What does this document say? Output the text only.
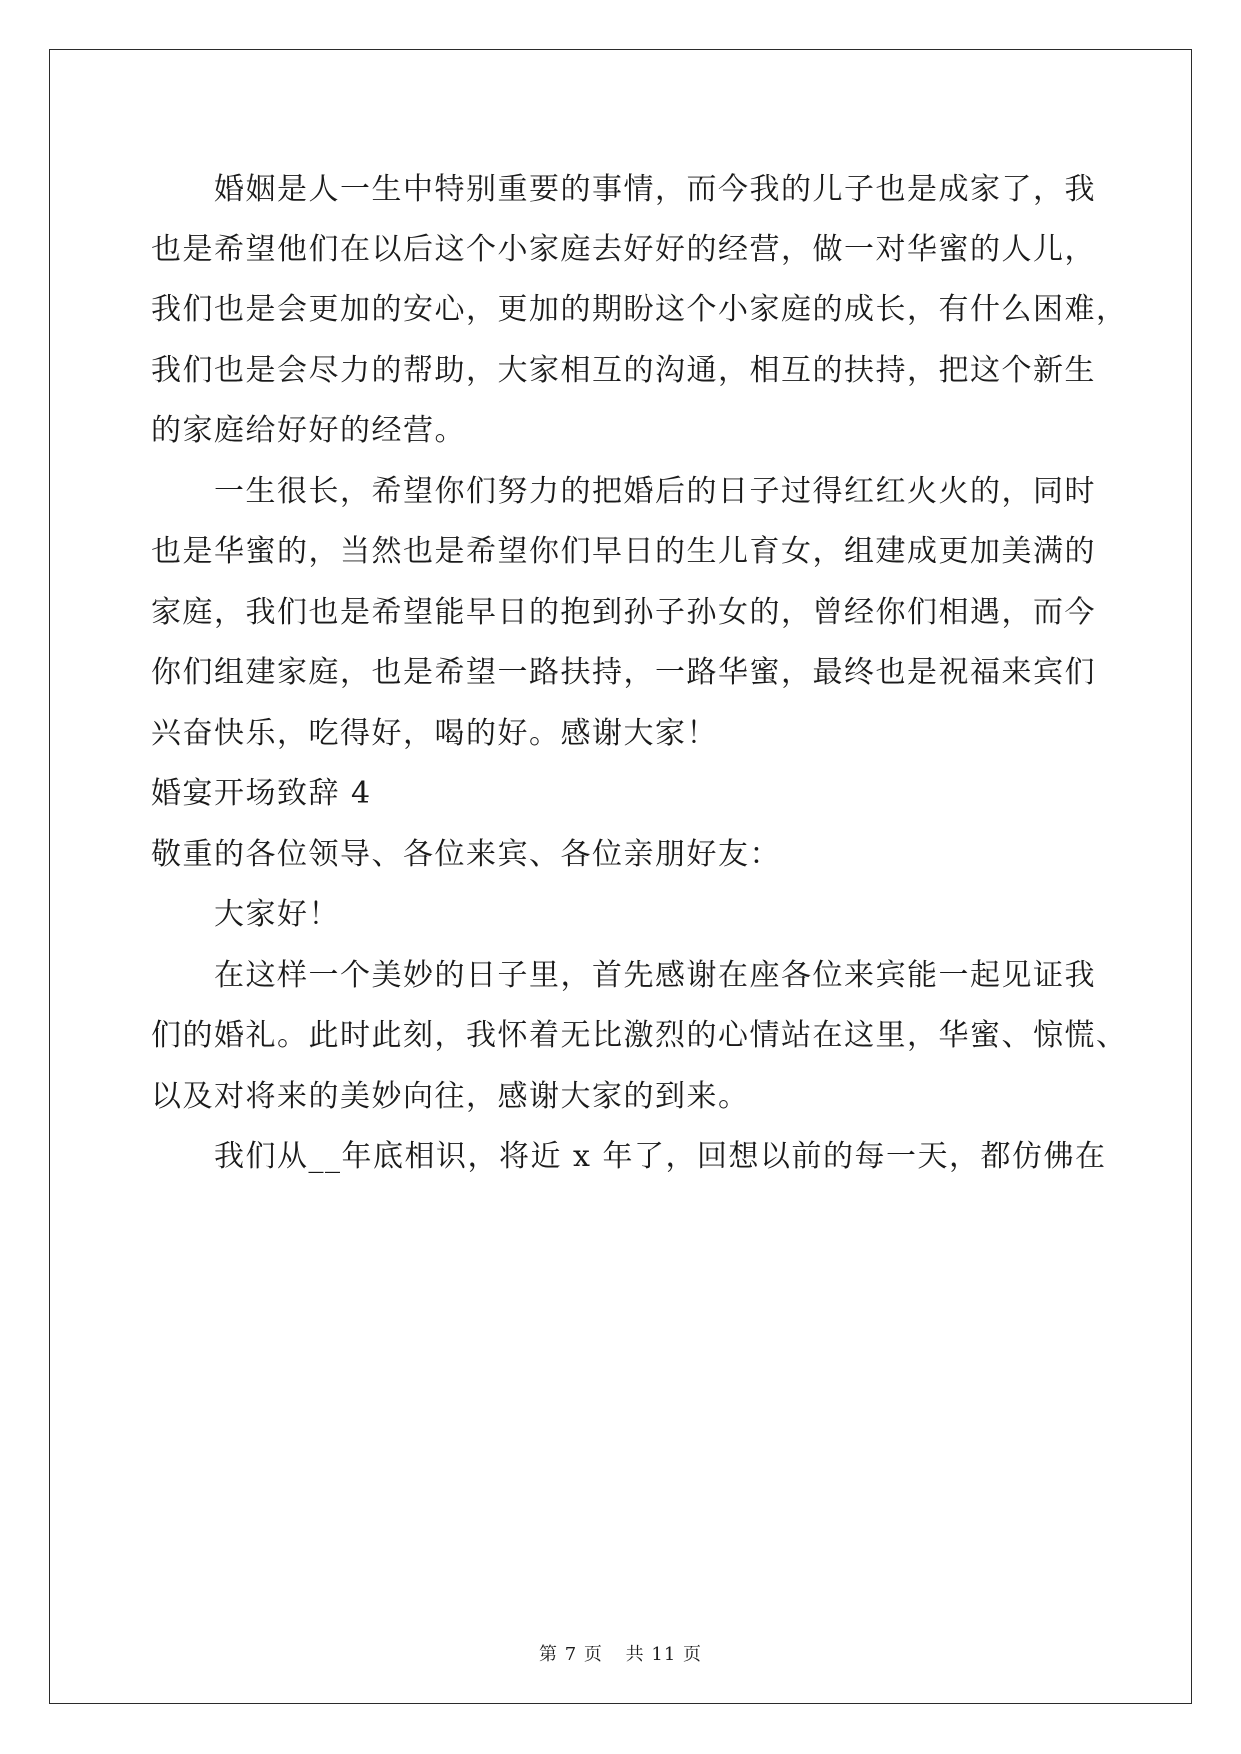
婚姻是人一生中特别重要的事情，而今我的儿子也是成家了，我
也是希望他们在以后这个小家庭去好好的经营，做一对华蜜的人儿，
我们也是会更加的安心，更加的期盼这个小家庭的成长，有什么困难，
我们也是会尽力的帮助，大家相互的沟通，相互的扶持，把这个新生
的家庭给好好的经营。
一生很长，希望你们努力的把婚后的日子过得红红火火的，同时
也是华蜜的，当然也是希望你们早日的生儿育女，组建成更加美满的
家庭，我们也是希望能早日的抱到孙子孙女的，曾经你们相遇，而今
你们组建家庭，也是希望一路扶持，一路华蜜，最终也是祝福来宾们
兴奋快乐，吃得好，喝的好。感谢大家！
婚宴开场致辞 4
敬重的各位领导、各位来宾、各位亲朋好友：
大家好！
在这样一个美妙的日子里，首先感谢在座各位来宾能一起见证我
们的婚礼。此时此刻，我怀着无比激烈的心情站在这里，华蜜、惊慌、
以及对将来的美妙向往，感谢大家的到来。
我们从__年底相识，将近 x 年了，回想以前的每一天，都仿佛在
第 7 页 共 11 页
